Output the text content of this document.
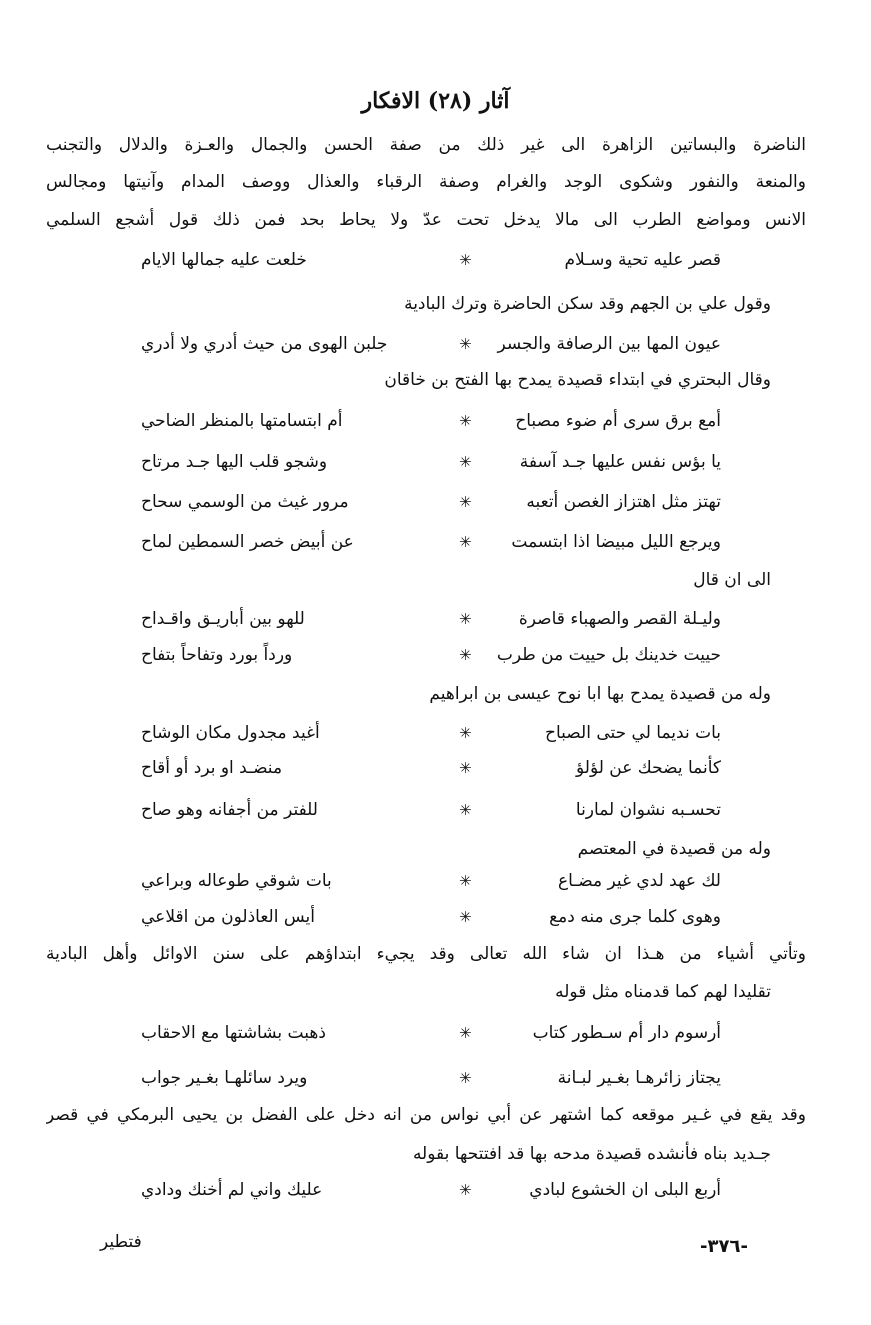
آثار (٢٨) الافكار
الناضرة والبساتين الزاهرة الى غير ذلك من صفة الحسن والجمال والعـزة والدلال والتجنب
والمنعة والنفور وشكوى الوجد والغرام وصفة الرقباء والعذال ووصف المدام وآنيتها ومجالس
الانس ومواضع الطرب الى مالا يدخل تحت عدّ ولا يحاط بحد فمن ذلك قول أشجع السلمي
قصر عليه تحية وسـلام
✳
خلعت عليه جمالها الايام
وقول علي بن الجهم وقد سكن الحاضرة وترك البادية
عيون المها بين الرصافة والجسر
✳
جلبن الهوى من حيث أدري ولا أدري
وقال البحتري في ابتداء قصيدة يمدح بها الفتح بن خاقان
أمع برق سرى أم ضوء مصباح
✳
أم ابتسامتها بالمنظر الضاحي
يا بؤس نفس عليها جـد آسفة
✳
وشجو قلب اليها جـد مرتاح
تهتز مثل اهتزاز الغصن أتعبه
✳
مرور غيث من الوسمي سحاح
ويرجع الليل مبيضا اذا ابتسمت
✳
عن أبيض خصر السمطين لماح
الى ان قال
وليـلة القصر والصهباء قاصرة
✳
للهو بين أباريـق واقـداح
حييت خدينك بل حييت من طرب
✳
ورداً بورد وتفاحاً بتفاح
وله من قصيدة يمدح بها ابا نوح عيسى بن ابراهيم
بات نديما لي حتى الصباح
✳
أغيد مجدول مكان الوشاح
كأنما يضحك عن لؤلؤ
✳
منضـد او برد أو أقاح
تحسـبه نشوان لمارنا
✳
للفتر من أجفانه وهو صاح
وله من قصيدة في المعتصم
لك عهد لدي غير مضـاع
✳
بات شوقي طوعاله وبراعي
وهوى كلما جرى منه دمع
✳
أيس العاذلون من اقلاعي
وتأتي أشياء من هـذا ان شاء الله تعالى وقد يجيء ابتداؤهم على سنن الاوائل وأهل البادية
تقليدا لهم كما قدمناه مثل قوله
أرسوم دار أم سـطور كتاب
✳
ذهبت بشاشتها مع الاحقاب
يجتاز زائرهـا بغـير لبـانة
✳
ويرد سائلهـا بغـير جواب
وقد يقع في غـير موقعه كما اشتهر عن أبي نواس من انه دخل على الفضل بن يحيى البرمكي في قصر
جـديد بناه فأنشده قصيدة مدحه بها قد افتتحها بقوله
أربع البلى ان الخشوع لبادي
✳
عليك واني لم أخنك ودادي
فتطير	-٣٧٦-
